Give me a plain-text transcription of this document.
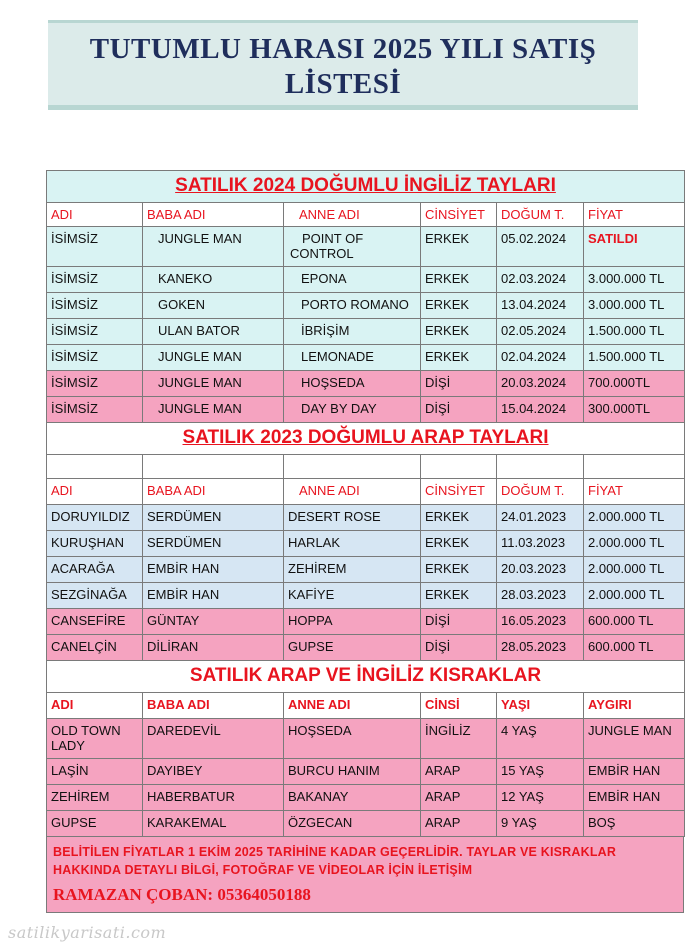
TUTUMLU HARASI 2025 YILI SATIŞ LİSTESİ
SATILIK 2024 DOĞUMLU İNGİLİZ TAYLARI					
ADI	BABA ADI	ANNE ADI	CİNSİYET	DOĞUM T.	FİYAT
İSİMSİZ	JUNGLE MAN	POINT OF CONTROL	ERKEK	05.02.2024	SATILDI
İSİMSİZ	KANEKO	EPONA	ERKEK	02.03.2024	3.000.000 TL
İSİMSİZ	GOKEN	PORTO ROMANO	ERKEK	13.04.2024	3.000.000 TL
İSİMSİZ	ULAN BATOR	İBRİŞİM	ERKEK	02.05.2024	1.500.000 TL
İSİMSİZ	JUNGLE MAN	LEMONADE	ERKEK	02.04.2024	1.500.000 TL
İSİMSİZ	JUNGLE MAN	HOŞSEDA	DİŞİ	20.03.2024	700.000TL
İSİMSİZ	JUNGLE MAN	DAY BY DAY	DİŞİ	15.04.2024	300.000TL
SATILIK 2023 DOĞUMLU ARAP TAYLARI					

ADI	BABA ADI	ANNE ADI	CİNSİYET	DOĞUM T.	FİYAT
DORUYILDIZ	SERDÜMEN	DESERT ROSE	ERKEK	24.01.2023	2.000.000 TL
KURUŞHAN	SERDÜMEN	HARLAK	ERKEK	11.03.2023	2.000.000 TL
ACARAĞA	EMBİR HAN	ZEHİREM	ERKEK	20.03.2023	2.000.000 TL
SEZGİNAĞA	EMBİR HAN	KAFİYE	ERKEK	28.03.2023	2.000.000 TL
CANSEFİRE	GÜNTAY	HOPPA	DİŞİ	16.05.2023	600.000 TL
CANELÇİN	DİLİRAN	GUPSE	DİŞİ	28.05.2023	600.000 TL
SATILIK ARAP VE İNGİLİZ KISRAKLAR					
ADI	BABA ADI	ANNE ADI	CİNSİ	YAŞI	AYGIRI
OLD TOWN LADY	DAREDEVİL	HOŞSEDA	İNGİLİZ	4 YAŞ	JUNGLE MAN
LAŞİN	DAYIBEY	BURCU HANIM	ARAP	15 YAŞ	EMBİR HAN
ZEHİREM	HABERBATUR	BAKANAY	ARAP	12 YAŞ	EMBİR HAN
GUPSE	KARAKEMAL	ÖZGECAN	ARAP	9 YAŞ	BOŞ
BELİTİLEN FİYATLAR 1 EKİM 2025 TARİHİNE KADAR GEÇERLİDİR. TAYLAR VE KISRAKLAR HAKKINDA DETAYLI BİLGİ, FOTOĞRAF VE VİDEOLAR İÇİN İLETİŞİM
RAMAZAN ÇOBAN: 05364050188
satilikyarisati.com
